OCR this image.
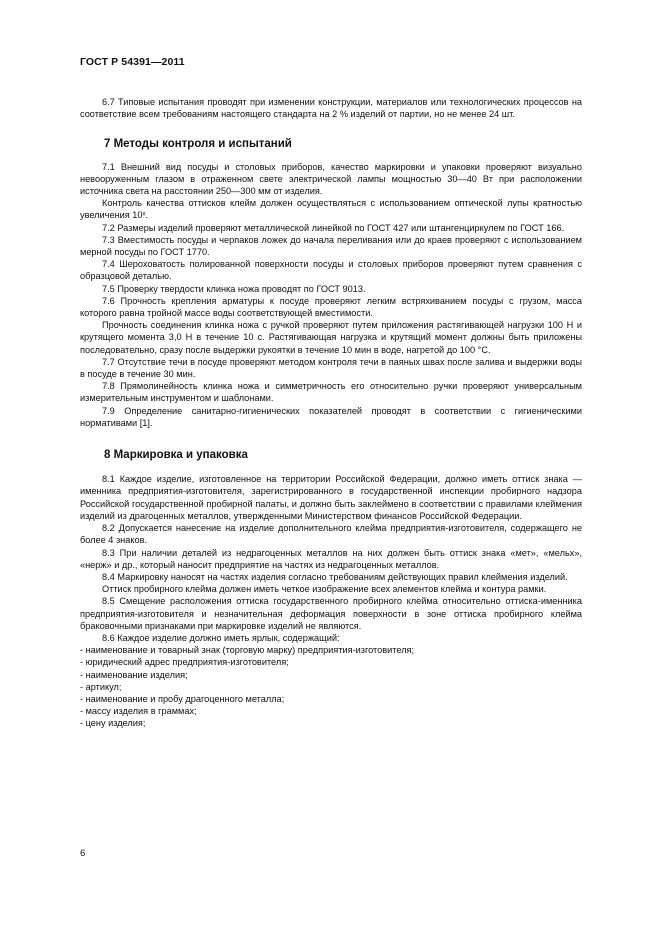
ГОСТ Р 54391—2011

6.7 Типовые испытания проводят при изменении конструкции, материалов или технологических процессов на соответствие всем требованиям настоящего стандарта на 2 % изделий от партии, но не менее 24 шт.

7 Методы контроля и испытаний

7.1 Внешний вид посуды и столовых приборов, качество маркировки и упаковки проверяют визуально невооруженным глазом в отраженном свете электрической лампы мощностью 30—40 Вт при расположении источника света на расстоянии 250—300 мм от изделия.

Контроль качества оттисков клейм должен осуществляться с использованием оптической лупы кратностью увеличения 10ˣ.

7.2 Размеры изделий проверяют металлической линейкой по ГОСТ 427 или штангенциркулем по ГОСТ 166.

7.3 Вместимость посуды и черпаков ложек до начала переливания или до краев проверяют с использованием мерной посуды по ГОСТ 1770.

7.4 Шероховатость полированной поверхности посуды и столовых приборов проверяют путем сравнения с образцовой деталью.

7.5 Проверку твердости клинка ножа проводят по ГОСТ 9013.

7.6 Прочность крепления арматуры к посуде проверяют легким встряхиванием посуды с грузом, масса которого равна тройной массе воды соответствующей вместимости.

Прочность соединения клинка ножа с ручкой проверяют путем приложения растягивающей нагрузки 100 Н и крутящего момента 3,0 Н в течение 10 с. Растягивающая нагрузка и крутящий момент должны быть приложены последовательно, сразу после выдержки рукоятки в течение 10 мин в воде, нагретой до 100 °С.

7.7 Отсутствие течи в посуде проверяют методом контроля течи в паяных швах после залива и выдержки воды в посуде в течение 30 мин.

7.8 Прямолинейность клинка ножа и симметричность его относительно ручки проверяют универсальным измерительным инструментом и шаблонами.

7.9 Определение санитарно-гигиенических показателей проводят в соответствии с гигиеническими нормативами [1].

8 Маркировка и упаковка

8.1 Каждое изделие, изготовленное на территории Российской Федерации, должно иметь оттиск знака — именника предприятия-изготовителя, зарегистрированного в государственной инспекции пробирного надзора Российской государственной пробирной палаты, и должно быть заклеймено в соответствии с правилами клеймения изделий из драгоценных металлов, утвержденными Министерством финансов Российской Федерации.

8.2 Допускается нанесение на изделие дополнительного клейма предприятия-изготовителя, содержащего не более 4 знаков.

8.3 При наличии деталей из недрагоценных металлов на них должен быть оттиск знака «мет», «мельх», «нерж» и др., который наносит предприятие на частях из недрагоценных металлов.

8.4 Маркировку наносят на частях изделия согласно требованиям действующих правил клеймения изделий.

Оттиск пробирного клейма должен иметь четкое изображение всех элементов клейма и контура рамки.

8.5 Смещение расположения оттиска государственного пробирного клейма относительно оттиска-именника предприятия-изготовителя и незначительная деформация поверхности в зоне оттиска пробирного клейма браковочными признаками при маркировке изделий не являются.

8.6 Каждое изделие должно иметь ярлык, содержащий:

- наименование и товарный знак (торговую марку) предприятия-изготовителя;

- юридический адрес предприятия-изготовителя;

- наименование изделия;

- артикул;

- наименование и пробу драгоценного металла;

- массу изделия в граммах;

- цену изделия;

6
